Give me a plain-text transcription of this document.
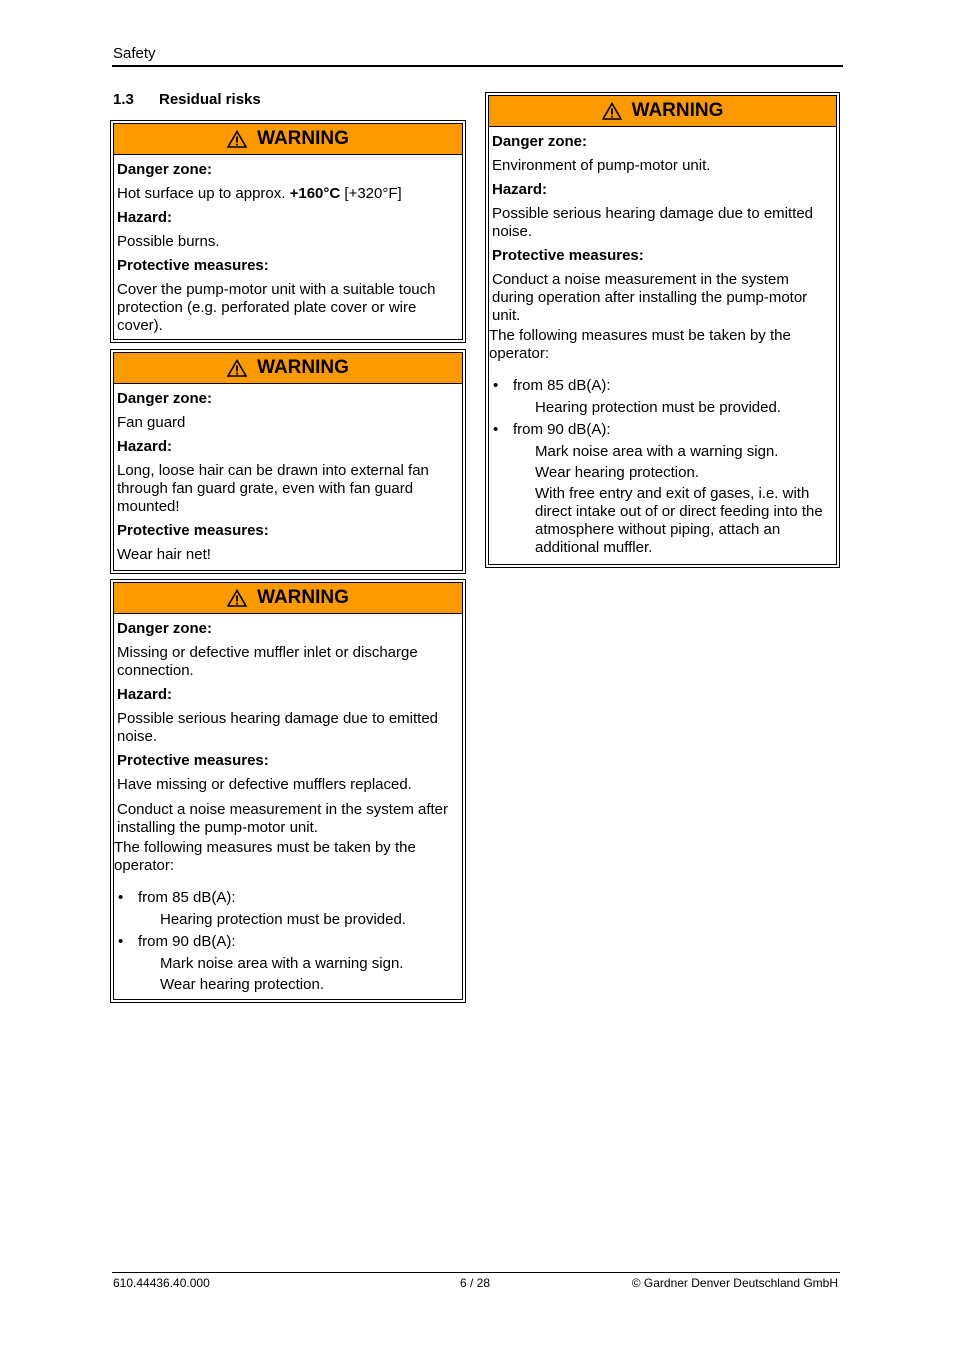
Safety
1.3 Residual risks
WARNING
Danger zone:
Hot surface up to approx. +160°C [+320°F]
Hazard:
Possible burns.
Protective measures:
Cover the pump-motor unit with a suitable touch protection (e.g. perforated plate cover or wire cover).
WARNING
Danger zone:
Fan guard
Hazard:
Long, loose hair can be drawn into external fan through fan guard grate, even with fan guard mounted!
Protective measures:
Wear hair net!
WARNING
Danger zone:
Missing or defective muffler inlet or discharge connection.
Hazard:
Possible serious hearing damage due to emitted noise.
Protective measures:
Have missing or defective mufflers replaced.
Conduct a noise measurement in the system after installing the pump-motor unit.
The following measures must be taken by the operator:
• from 85 dB(A):
Hearing protection must be provided.
• from 90 dB(A):
Mark noise area with a warning sign.
Wear hearing protection.
WARNING
Danger zone:
Environment of pump-motor unit.
Hazard:
Possible serious hearing damage due to emitted noise.
Protective measures:
Conduct a noise measurement in the system during operation after installing the pump-motor unit.
The following measures must be taken by the operator:
• from 85 dB(A):
Hearing protection must be provided.
• from 90 dB(A):
Mark noise area with a warning sign.
Wear hearing protection.
With free entry and exit of gases, i.e. with direct intake out of or direct feeding into the atmosphere without piping, attach an additional muffler.
610.44436.40.000	6 / 28	© Gardner Denver Deutschland GmbH
